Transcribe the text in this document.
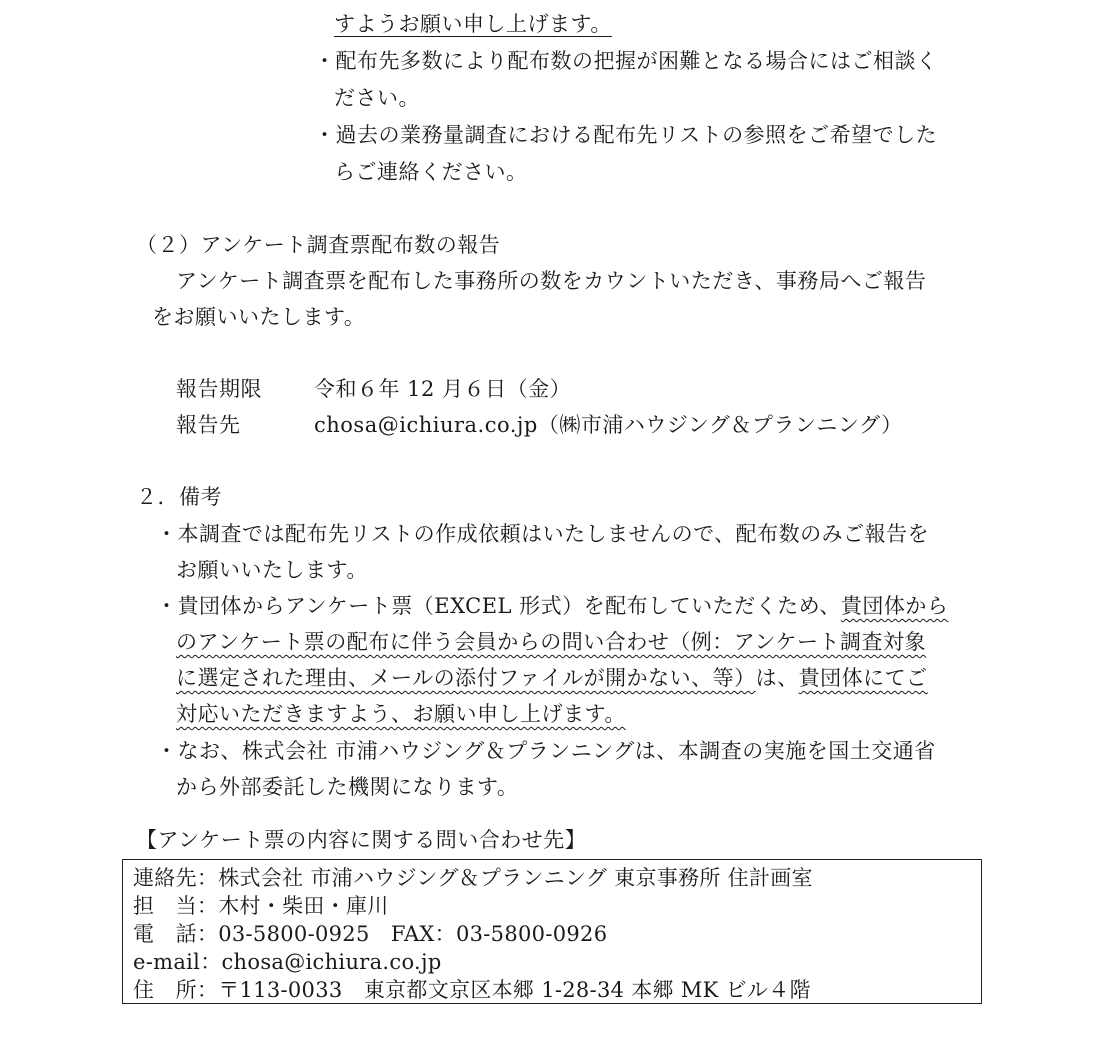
すようお願い申し上げます。
・配布先多数により配布数の把握が困難となる場合にはご相談く
ださい。
・過去の業務量調査における配布先リストの参照をご希望でした
らご連絡ください。
（２）アンケート調査票配布数の報告
アンケート調査票を配布した事務所の数をカウントいただき、事務局へご報告
をお願いいたします。
報告期限 令和６年 12 月６日（金）
報告先	chosa@ichiura.co.jp（㈱市浦ハウジング＆プランニング）
２．備考
・本調査では配布先リストの作成依頼はいたしませんので、配布数のみご報告を
お願いいたします。
・貴団体からアンケート票（EXCEL 形式）を配布していただくため、貴団体から
のアンケート票の配布に伴う会員からの問い合わせ（例：アンケート調査対象
に選定された理由、メールの添付ファイルが開かない、等）は、貴団体にてご
対応いただきますよう、お願い申し上げます。
・なお、株式会社 市浦ハウジング＆プランニングは、本調査の実施を国土交通省
から外部委託した機関になります。
【アンケート票の内容に関する問い合わせ先】
連絡先：株式会社 市浦ハウジング＆プランニング 東京事務所 住計画室
担　当：木村・柴田・庫川
電　話：03-5800-0925　FAX：03-5800-0926
e-mail：chosa@ichiura.co.jp
住　所：〒113-0033　東京都文京区本郷 1-28-34 本郷 MK ビル４階
